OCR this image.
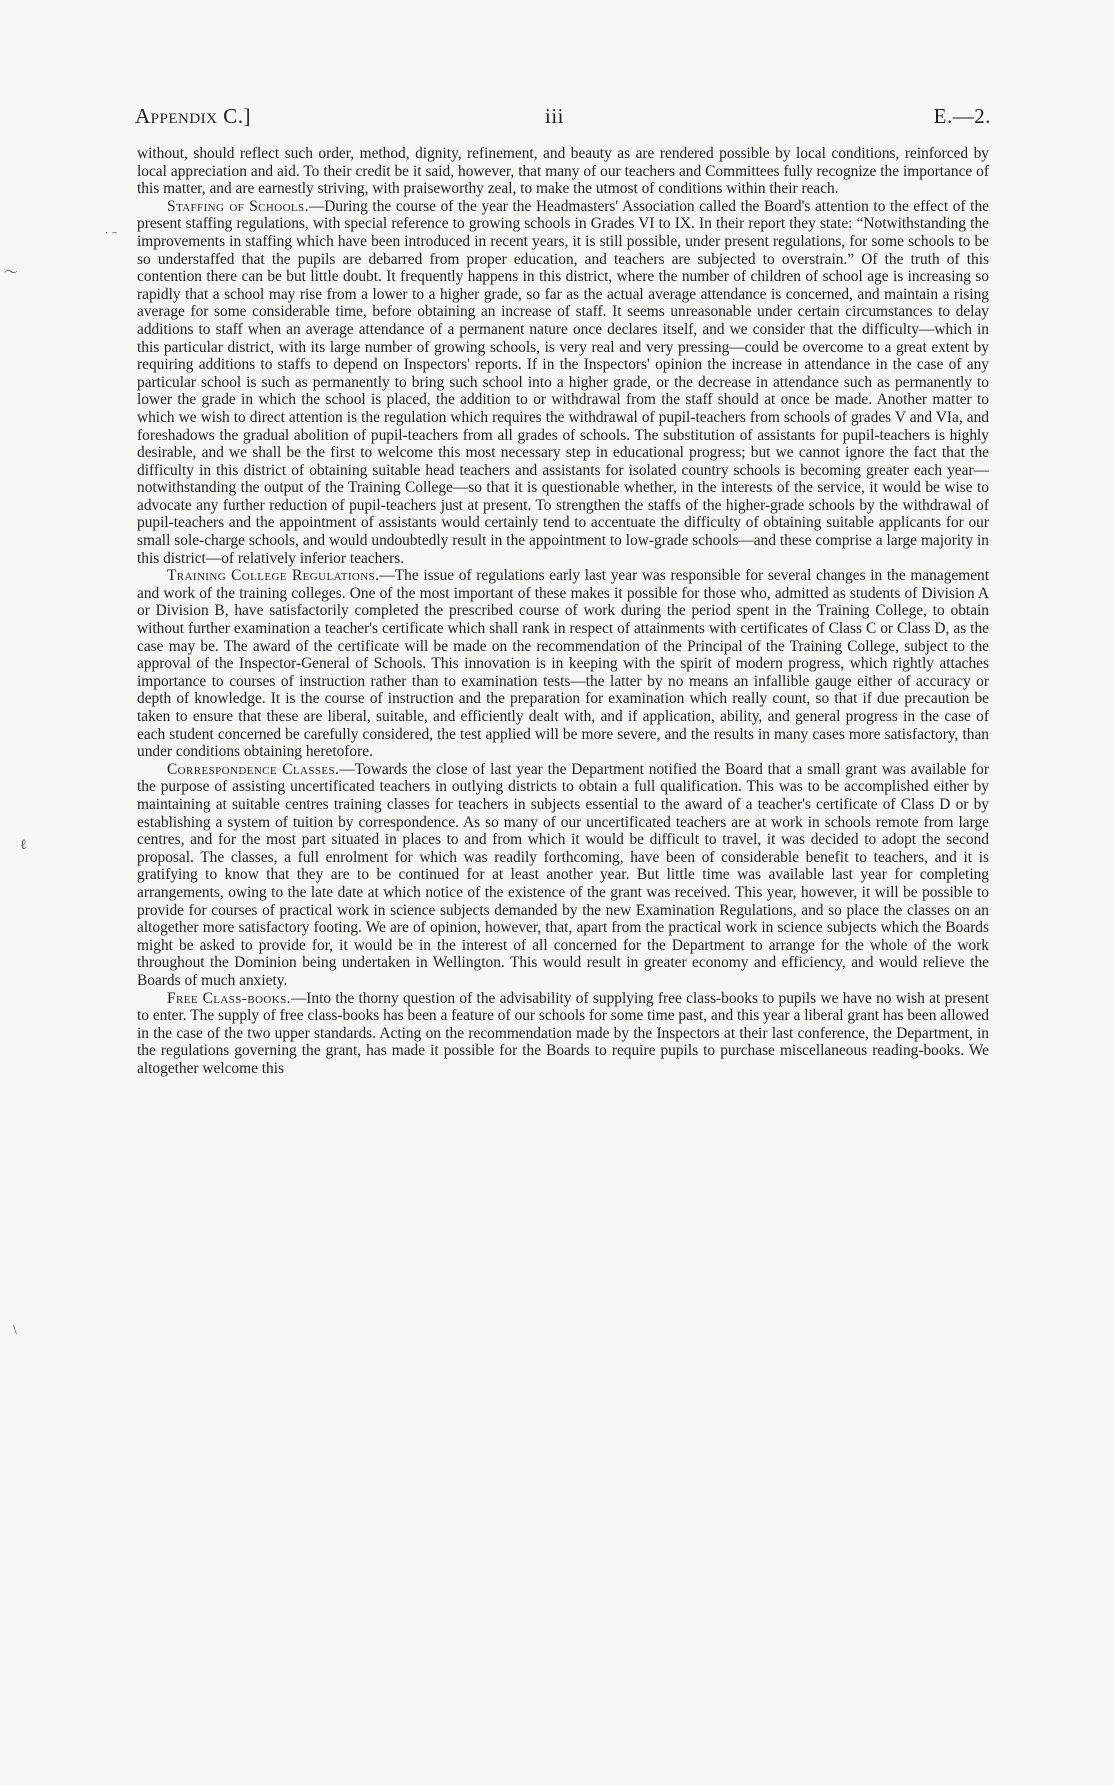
Appendix C.]	iii	E.—2.
˙ ˉ
〜
ℓ
﹨

without, should reflect such order, method, dignity, refinement, and beauty as are rendered possible by local conditions, reinforced by local appreciation and aid. To their credit be it said, however, that many of our teachers and Committees fully recognize the importance of this matter, and are earnestly striving, with praiseworthy zeal, to make the utmost of conditions within their reach.

Staffing of Schools.—During the course of the year the Headmasters' Association called the Board's attention to the effect of the present staffing regulations, with special reference to growing schools in Grades VI to IX. In their report they state: “Notwithstanding the improvements in staffing which have been introduced in recent years, it is still possible, under present regulations, for some schools to be so understaffed that the pupils are debarred from proper education, and teachers are subjected to overstrain.” Of the truth of this contention there can be but little doubt. It frequently happens in this district, where the number of children of school age is increasing so rapidly that a school may rise from a lower to a higher grade, so far as the actual average attendance is concerned, and maintain a rising average for some considerable time, before obtaining an increase of staff. It seems unreasonable under certain circumstances to delay additions to staff when an average attendance of a permanent nature once declares itself, and we consider that the difficulty—which in this particular district, with its large number of growing schools, is very real and very pressing—could be overcome to a great extent by requiring additions to staffs to depend on Inspectors' reports. If in the Inspectors' opinion the increase in attendance in the case of any particular school is such as permanently to bring such school into a higher grade, or the decrease in attendance such as permanently to lower the grade in which the school is placed, the addition to or withdrawal from the staff should at once be made. Another matter to which we wish to direct attention is the regulation which requires the withdrawal of pupil-teachers from schools of grades V and VIa, and foreshadows the gradual abolition of pupil-teachers from all grades of schools. The substitution of assistants for pupil-teachers is highly desirable, and we shall be the first to welcome this most necessary step in educational progress; but we cannot ignore the fact that the difficulty in this district of obtaining suitable head teachers and assistants for isolated country schools is becoming greater each year—notwithstanding the output of the Training College—so that it is questionable whether, in the interests of the service, it would be wise to advocate any further reduction of pupil-teachers just at present. To strengthen the staffs of the higher-grade schools by the withdrawal of pupil-teachers and the appointment of assistants would certainly tend to accentuate the difficulty of obtaining suitable applicants for our small sole-charge schools, and would undoubtedly result in the appointment to low-grade schools—and these comprise a large majority in this district—of relatively inferior teachers.

Training College Regulations.—The issue of regulations early last year was responsible for several changes in the management and work of the training colleges. One of the most important of these makes it possible for those who, admitted as students of Division A or Division B, have satisfactorily completed the prescribed course of work during the period spent in the Training College, to obtain without further examination a teacher's certificate which shall rank in respect of attainments with certificates of Class C or Class D, as the case may be. The award of the certificate will be made on the recommendation of the Principal of the Training College, subject to the approval of the Inspector-General of Schools. This innovation is in keeping with the spirit of modern progress, which rightly attaches importance to courses of instruction rather than to examination tests—the latter by no means an infallible gauge either of accuracy or depth of knowledge. It is the course of instruction and the preparation for examination which really count, so that if due precaution be taken to ensure that these are liberal, suitable, and efficiently dealt with, and if application, ability, and general progress in the case of each student concerned be carefully considered, the test applied will be more severe, and the results in many cases more satisfactory, than under conditions obtaining heretofore.

Correspondence Classes.—Towards the close of last year the Department notified the Board that a small grant was available for the purpose of assisting uncertificated teachers in outlying districts to obtain a full qualification. This was to be accomplished either by maintaining at suitable centres training classes for teachers in subjects essential to the award of a teacher's certificate of Class D or by establishing a system of tuition by correspondence. As so many of our uncertificated teachers are at work in schools remote from large centres, and for the most part situated in places to and from which it would be difficult to travel, it was decided to adopt the second proposal. The classes, a full enrolment for which was readily forthcoming, have been of considerable benefit to teachers, and it is gratifying to know that they are to be continued for at least another year. But little time was available last year for completing arrangements, owing to the late date at which notice of the existence of the grant was received. This year, however, it will be possible to provide for courses of practical work in science subjects demanded by the new Examination Regulations, and so place the classes on an altogether more satisfactory footing. We are of opinion, however, that, apart from the practical work in science subjects which the Boards might be asked to provide for, it would be in the interest of all concerned for the Department to arrange for the whole of the work throughout the Dominion being undertaken in Wellington. This would result in greater economy and efficiency, and would relieve the Boards of much anxiety.

Free Class-books.—Into the thorny question of the advisability of supplying free class-books to pupils we have no wish at present to enter. The supply of free class-books has been a feature of our schools for some time past, and this year a liberal grant has been allowed in the case of the two upper standards. Acting on the recommendation made by the Inspectors at their last conference, the Department, in the regulations governing the grant, has made it possible for the Boards to require pupils to purchase miscellaneous reading-books. We altogether welcome this
